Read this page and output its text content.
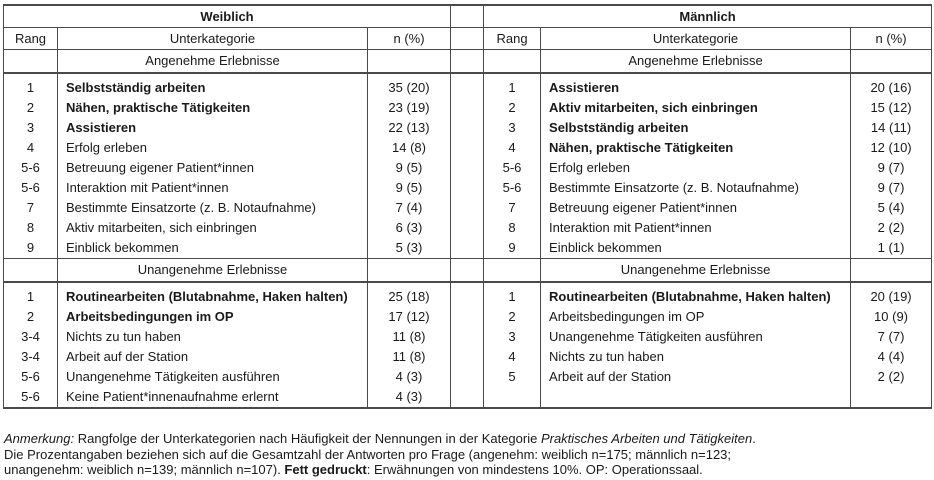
Weiblich				Männlich		
Rang	Unterkategorie	n (%)		Rang	Unterkategorie	n (%)
	Angenehme Erlebnisse				Angenehme Erlebnisse	
1	Selbstständig arbeiten	35 (20)		1	Assistieren	20 (16)
2	Nähen, praktische Tätigkeiten	23 (19)		2	Aktiv mitarbeiten, sich einbringen	15 (12)
3	Assistieren	22 (13)		3	Selbstständig arbeiten	14 (11)
4	Erfolg erleben	14 (8)		4	Nähen, praktische Tätigkeiten	12 (10)
5-6	Betreuung eigener Patient*innen	9 (5)		5-6	Erfolg erleben	9 (7)
5-6	Interaktion mit Patient*innen	9 (5)		5-6	Bestimmte Einsatzorte (z. B. Notaufnahme)	9 (7)
7	Bestimmte Einsatzorte (z. B. Notaufnahme)	7 (4)		7	Betreuung eigener Patient*innen	5 (4)
8	Aktiv mitarbeiten, sich einbringen	6 (3)		8	Interaktion mit Patient*innen	2 (2)
9	Einblick bekommen	5 (3)		9	Einblick bekommen	1 (1)
	Unangenehme Erlebnisse				Unangenehme Erlebnisse	
1	Routinearbeiten (Blutabnahme, Haken halten)	25 (18)		1	Routinearbeiten (Blutabnahme, Haken halten)	20 (19)
2	Arbeitsbedingungen im OP	17 (12)		2	Arbeitsbedingungen im OP	10 (9)
3-4	Nichts zu tun haben	11 (8)		3	Unangenehme Tätigkeiten ausführen	7 (7)
3-4	Arbeit auf der Station	11 (8)		4	Nichts zu tun haben	4 (4)
5-6	Unangenehme Tätigkeiten ausführen	4 (3)		5	Arbeit auf der Station	2 (2)
5-6	Keine Patient*innenaufnahme erlernt	4 (3)				
Anmerkung: Rangfolge der Unterkategorien nach Häufigkeit der Nennungen in der Kategorie Praktisches Arbeiten und Tätigkeiten.
Die Prozentangaben beziehen sich auf die Gesamtzahl der Antworten pro Frage (angenehm: weiblich n=175; männlich n=123;
unangenehm: weiblich n=139; männlich n=107). Fett gedruckt: Erwähnungen von mindestens 10%. OP: Operationssaal.
